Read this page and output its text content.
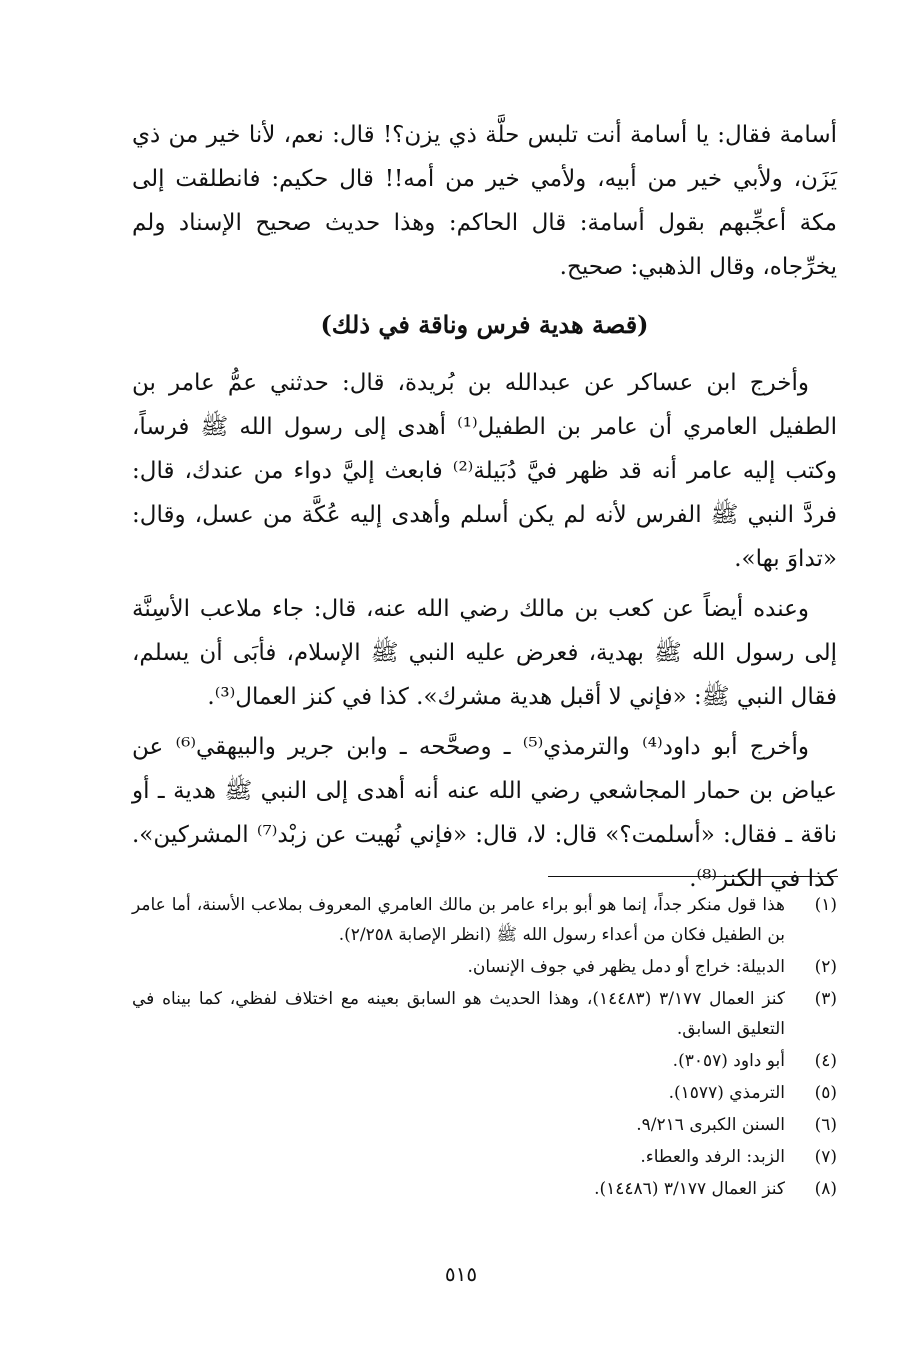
أسامة فقال: يا أسامة أنت تلبس حلَّة ذي يزن؟! قال: نعم، لأنا خير من ذي يَزَن، ولأبي خير من أبيه، ولأمي خير من أمه!! قال حكيم: فانطلقت إلى مكة أعجِّبهم بقول أسامة: قال الحاكم: وهذا حديث صحيح الإسناد ولم يخرِّجاه، وقال الذهبي: صحيح.

(قصة هدية فرس وناقة في ذلك)

وأخرج ابن عساكر عن عبدالله بن بُريدة، قال: حدثني عمُّ عامر بن الطفيل العامري أن عامر بن الطفيل⁽¹⁾ أهدى إلى رسول الله ﷺ فرساً، وكتب إليه عامر أنه قد ظهر فيَّ دُبَيلة⁽²⁾ فابعث إليَّ دواء من عندك، قال: فردَّ النبي ﷺ الفرس لأنه لم يكن أسلم وأهدى إليه عُكَّة من عسل، وقال: «تداوَ بها».

وعنده أيضاً عن كعب بن مالك رضي الله عنه، قال: جاء ملاعب الأسِنَّة إلى رسول الله ﷺ بهدية، فعرض عليه النبي ﷺ الإسلام، فأبَى أن يسلم، فقال النبي ﷺ: «فإني لا أقبل هدية مشرك». كذا في كنز العمال⁽³⁾.

وأخرج أبو داود⁽⁴⁾ والترمذي⁽⁵⁾ ـ وصحَّحه ـ وابن جرير والبيهقي⁽⁶⁾ عن عياض بن حمار المجاشعي رضي الله عنه أنه أهدى إلى النبي ﷺ هدية ـ أو ناقة ـ فقال: «أسلمت؟» قال: لا، قال: «فإني نُهيت عن زبْد⁽⁷⁾ المشركين». كذا في الكنز⁽⁸⁾.

(١)
هذا قول منكر جداً، إنما هو أبو براء عامر بن مالك العامري المعروف بملاعب الأسنة، أما عامر بن الطفيل فكان من أعداء رسول الله ﷺ (انظر الإصابة ٢/٢٥٨).
(٢)
الدبيلة: خراج أو دمل يظهر في جوف الإنسان.
(٣)
كنز العمال ٣/١٧٧ (١٤٤٨٣)، وهذا الحديث هو السابق بعينه مع اختلاف لفظي، كما بيناه في التعليق السابق.
(٤)
أبو داود (٣٠٥٧).
(٥)
الترمذي (١٥٧٧).
(٦)
السنن الكبرى ٩/٢١٦.
(٧)
الزبد: الرفد والعطاء.
(٨)
كنز العمال ٣/١٧٧ (١٤٤٨٦).
٥١٥
